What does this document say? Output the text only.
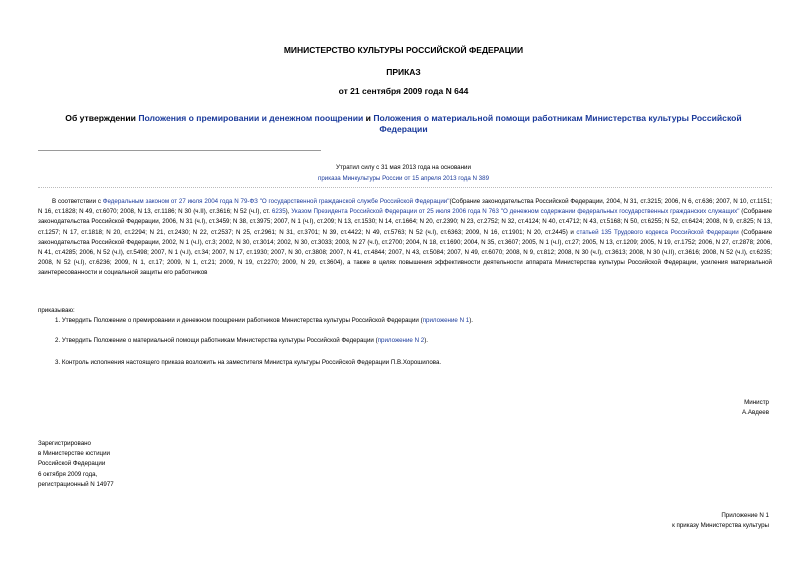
МИНИСТЕРСТВО КУЛЬТУРЫ РОССИЙСКОЙ ФЕДЕРАЦИИ
ПРИКАЗ
от 21 сентября 2009 года N 644
Об утверждении Положения о премировании и денежном поощрении и Положения о материальной помощи работникам Министерства культуры Российской Федерации
Утратил силу с 31 мая 2013 года на основании
приказа Минкультуры России от 15 апреля 2013 года N 389
В соответствии с Федеральным законом от 27 июля 2004 года N 79-ФЗ "О государственной гражданской службе Российской Федерации"(Собрание законодательства Российской Федерации, 2004, N 31, ст.3215; 2006, N 6, ст.636; 2007, N 10, ст.1151; N 16, ст.1828; N 49, ст.6070; 2008, N 13, ст.1186; N 30 (ч.II), ст.3616; N 52 (ч.I), ст. 6235), Указом Президента Российской Федерации от 25 июля 2006 года N 763 "О денежном содержании федеральных государственных гражданских служащих" (Собрание законодательства Российской Федерации, 2006, N 31 (ч.I), ст.3459; N 38, ст.3975; 2007, N 1 (ч.I), ст.209; N 13, ст.1530; N 14, ст.1664; N 20, ст.2390; N 23, ст.2752; N 32, ст.4124; N 40, ст.4712; N 43, ст.5168; N 50, ст.6255; N 52, ст.6424; 2008, N 9, ст.825; N 13, ст.1257; N 17, ст.1818; N 20, ст.2294; N 21, ст.2430; N 22, ст.2537; N 25, ст.2961; N 31, ст.3701; N 39, ст.4422; N 49, ст.5763; N 52 (ч.I), ст.6363; 2009, N 16, ст.1901; N 20, ст.2445) и статьей 135 Трудового кодекса Российской Федерации (Собрание законодательства Российской Федерации, 2002, N 1 (ч.I), ст.3; 2002, N 30, ст.3014; 2002, N 30, ст.3033; 2003, N 27 (ч.I), ст.2700; 2004, N 18, ст.1690; 2004, N 35, ст.3607; 2005, N 1 (ч.I), ст.27; 2005, N 13, ст.1209; 2005, N 19, ст.1752; 2006, N 27, ст.2878; 2006, N 41, ст.4285; 2006, N 52 (ч.I), ст.5498; 2007, N 1 (ч.I), ст.34; 2007, N 17, ст.1930; 2007, N 30, ст.3808; 2007, N 41, ст.4844; 2007, N 43, ст.5084; 2007, N 49, ст.6070; 2008, N 9, ст.812; 2008, N 30 (ч.I), ст.3613; 2008, N 30 (ч.II), ст.3616; 2008, N 52 (ч.I), ст.6235; 2008, N 52 (ч.I), ст.6236; 2009, N 1, ст.17; 2009, N 1, ст.21; 2009, N 19, ст.2270; 2009, N 29, ст.3604), а также в целях повышения эффективности деятельности аппарата Министерства культуры Российской Федерации, усиления материальной заинтересованности и социальной защиты его работников
приказываю:
1. Утвердить Положение о премировании и денежном поощрении работников Министерства культуры Российской Федерации (приложение N 1).
2. Утвердить Положение о материальной помощи работникам Министерства культуры Российской Федерации (приложение N 2).
3. Контроль исполнения настоящего приказа возложить на заместителя Министра культуры Российской Федерации П.В.Хорошилова.
Министр
А.Авдеев
Зарегистрировано
в Министерстве юстиции
Российской Федерации
6 октября 2009 года,
регистрационный N 14977
Приложение N 1
к приказу Министерства культуры
